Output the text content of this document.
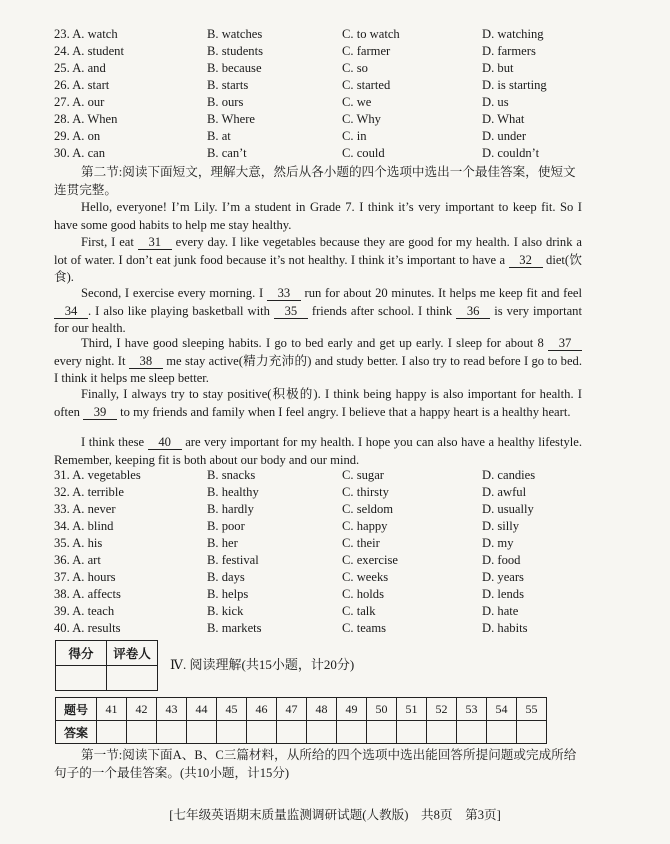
23. A. watch	B. watches	C. to watch	D. watching
24. A. student	B. students	C. farmer	D. farmers
25. A. and	B. because	C. so	D. but
26. A. start	B. starts	C. started	D. is starting
27. A. our	B. ours	C. we	D. us
28. A. When	B. Where	C. Why	D. What
29. A. on	B. at	C. in	D. under
30. A. can	B. can’t	C. could	D. couldn’t
第二节:阅读下面短文，理解大意，然后从各小题的四个选项中选出一个最佳答案，使短文连贯完整。
Hello, everyone! I’m Lily. I’m a student in Grade 7. I think it’s very important to keep fit. So I have some good habits to help me stay healthy.
First, I eat 31 every day. I like vegetables because they are good for my health. I also drink a lot of water. I don’t eat junk food because it’s not healthy. I think it’s important to have a 32 diet(饮食).
Second, I exercise every morning. I 33 run for about 20 minutes. It helps me keep fit and feel 34 . I also like playing basketball with 35 friends after school. I think 36 is very important for our health.
Third, I have good sleeping habits. I go to bed early and get up early. I sleep for about 8 37 every night. It 38 me stay active(精力充沛的) and study better. I also try to read before I go to bed. I think it helps me sleep better.
Finally, I always try to stay positive(积极的). I think being happy is also important for health. I often 39 to my friends and family when I feel angry. I believe that a happy heart is a healthy heart.
I think these 40 are very important for my health. I hope you can also have a healthy lifestyle. Remember, keeping fit is both about our body and our mind.
31. A. vegetables	B. snacks	C. sugar	D. candies
32. A. terrible	B. healthy	C. thirsty	D. awful
33. A. never	B. hardly	C. seldom	D. usually
34. A. blind	B. poor	C. happy	D. silly
35. A. his	B. her	C. their	D. my
36. A. art	B. festival	C. exercise	D. food
37. A. hours	B. days	C. weeks	D. years
38. A. affects	B. helps	C. holds	D. lends
39. A. teach	B. kick	C. talk	D. hate
40. A. results	B. markets	C. teams	D. habits
得分	评卷人

Ⅳ. 阅读理解(共15小题，计20分)
题号	41	42	43	44	45	46	47	48	49	50	51	52	53	54	55
答案															
第一节:阅读下面A、B、C三篇材料，从所给的四个选项中选出能回答所提问题或完成所给句子的一个最佳答案。(共10小题，计15分)
[七年级英语期末质量监测调研试题(人教版)　共8页　第3页]
